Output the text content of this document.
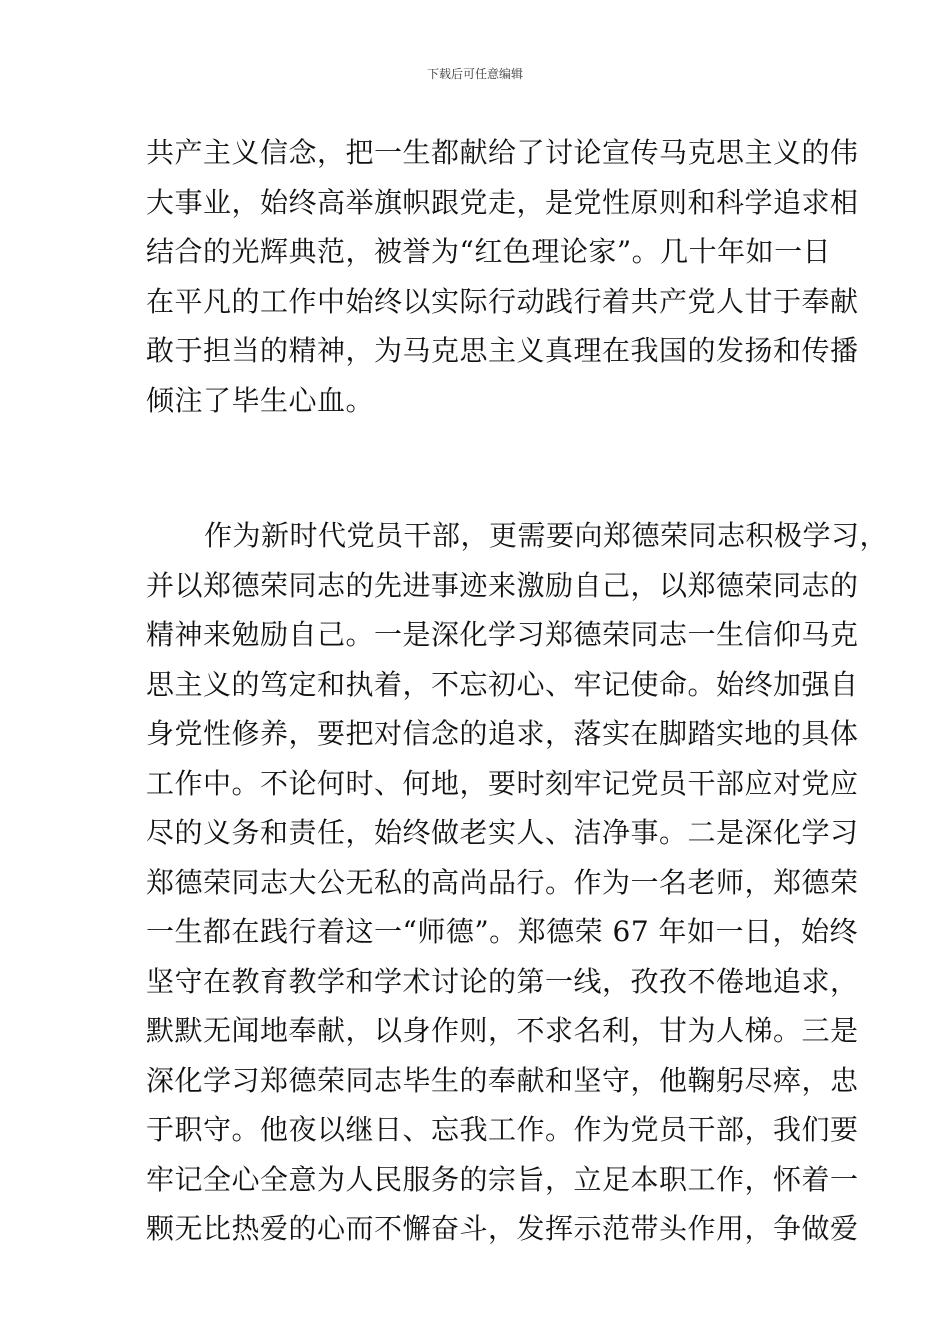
下载后可任意编辑

共产主义信念，把一生都献给了讨论宣传马克思主义的伟
大事业，始终高举旗帜跟党走，是党性原则和科学追求相
结合的光辉典范，被誉为“红色理论家”。几十年如一日
在平凡的工作中始终以实际行动践行着共产党人甘于奉献
敢于担当的精神，为马克思主义真理在我国的发扬和传播
倾注了毕生心血。

作为新时代党员干部，更需要向郑德荣同志积极学习，
并以郑德荣同志的先进事迹来激励自己，以郑德荣同志的
精神来勉励自己。一是深化学习郑德荣同志一生信仰马克
思主义的笃定和执着，不忘初心、牢记使命。始终加强自
身党性修养，要把对信念的追求，落实在脚踏实地的具体
工作中。不论何时、何地，要时刻牢记党员干部应对党应
尽的义务和责任，始终做老实人、洁净事。二是深化学习
郑德荣同志大公无私的高尚品行。作为一名老师，郑德荣
一生都在践行着这一“师德”。郑德荣 67 年如一日，始终
坚守在教育教学和学术讨论的第一线，孜孜不倦地追求，
默默无闻地奉献，以身作则，不求名利，甘为人梯。三是
深化学习郑德荣同志毕生的奉献和坚守，他鞠躬尽瘁，忠
于职守。他夜以继日、忘我工作。作为党员干部，我们要
牢记全心全意为人民服务的宗旨，立足本职工作，怀着一
颗无比热爱的心而不懈奋斗，发挥示范带头作用，争做爱
